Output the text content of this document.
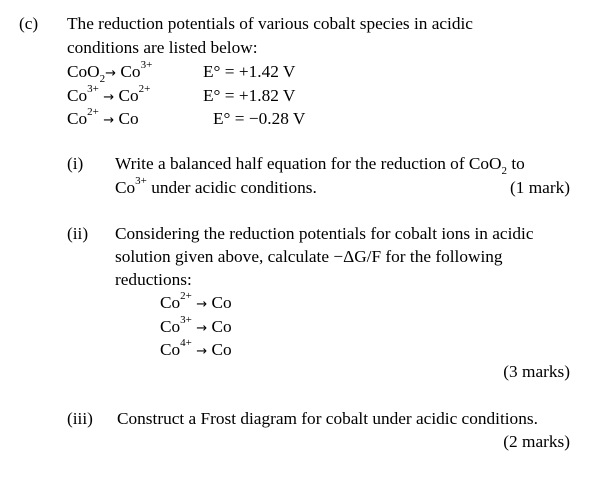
(c) The reduction potentials of various cobalt species in acidic
conditions are listed below:
$CoO_2\to Co^{3+}$	E° = +1.42 V
$Co^{3+} \to Co^{2+}$	E° = +1.82 V
$Co^{2+} \to Co$	E° = −0.28 V
(i) Write a balanced half equation for the reduction of CoO$_2$ to
$Co^{3+}$ under acidic conditions.	(1 mark)
(ii) Considering the reduction potentials for cobalt ions in acidic
solution given above, calculate −ΔG/F for the following
reductions:
$Co^{2+} \to Co$
$Co^{3+} \to Co$
$Co^{4+} \to Co$
(3 marks)
(iii) Construct a Frost diagram for cobalt under acidic conditions.
(2 marks)
